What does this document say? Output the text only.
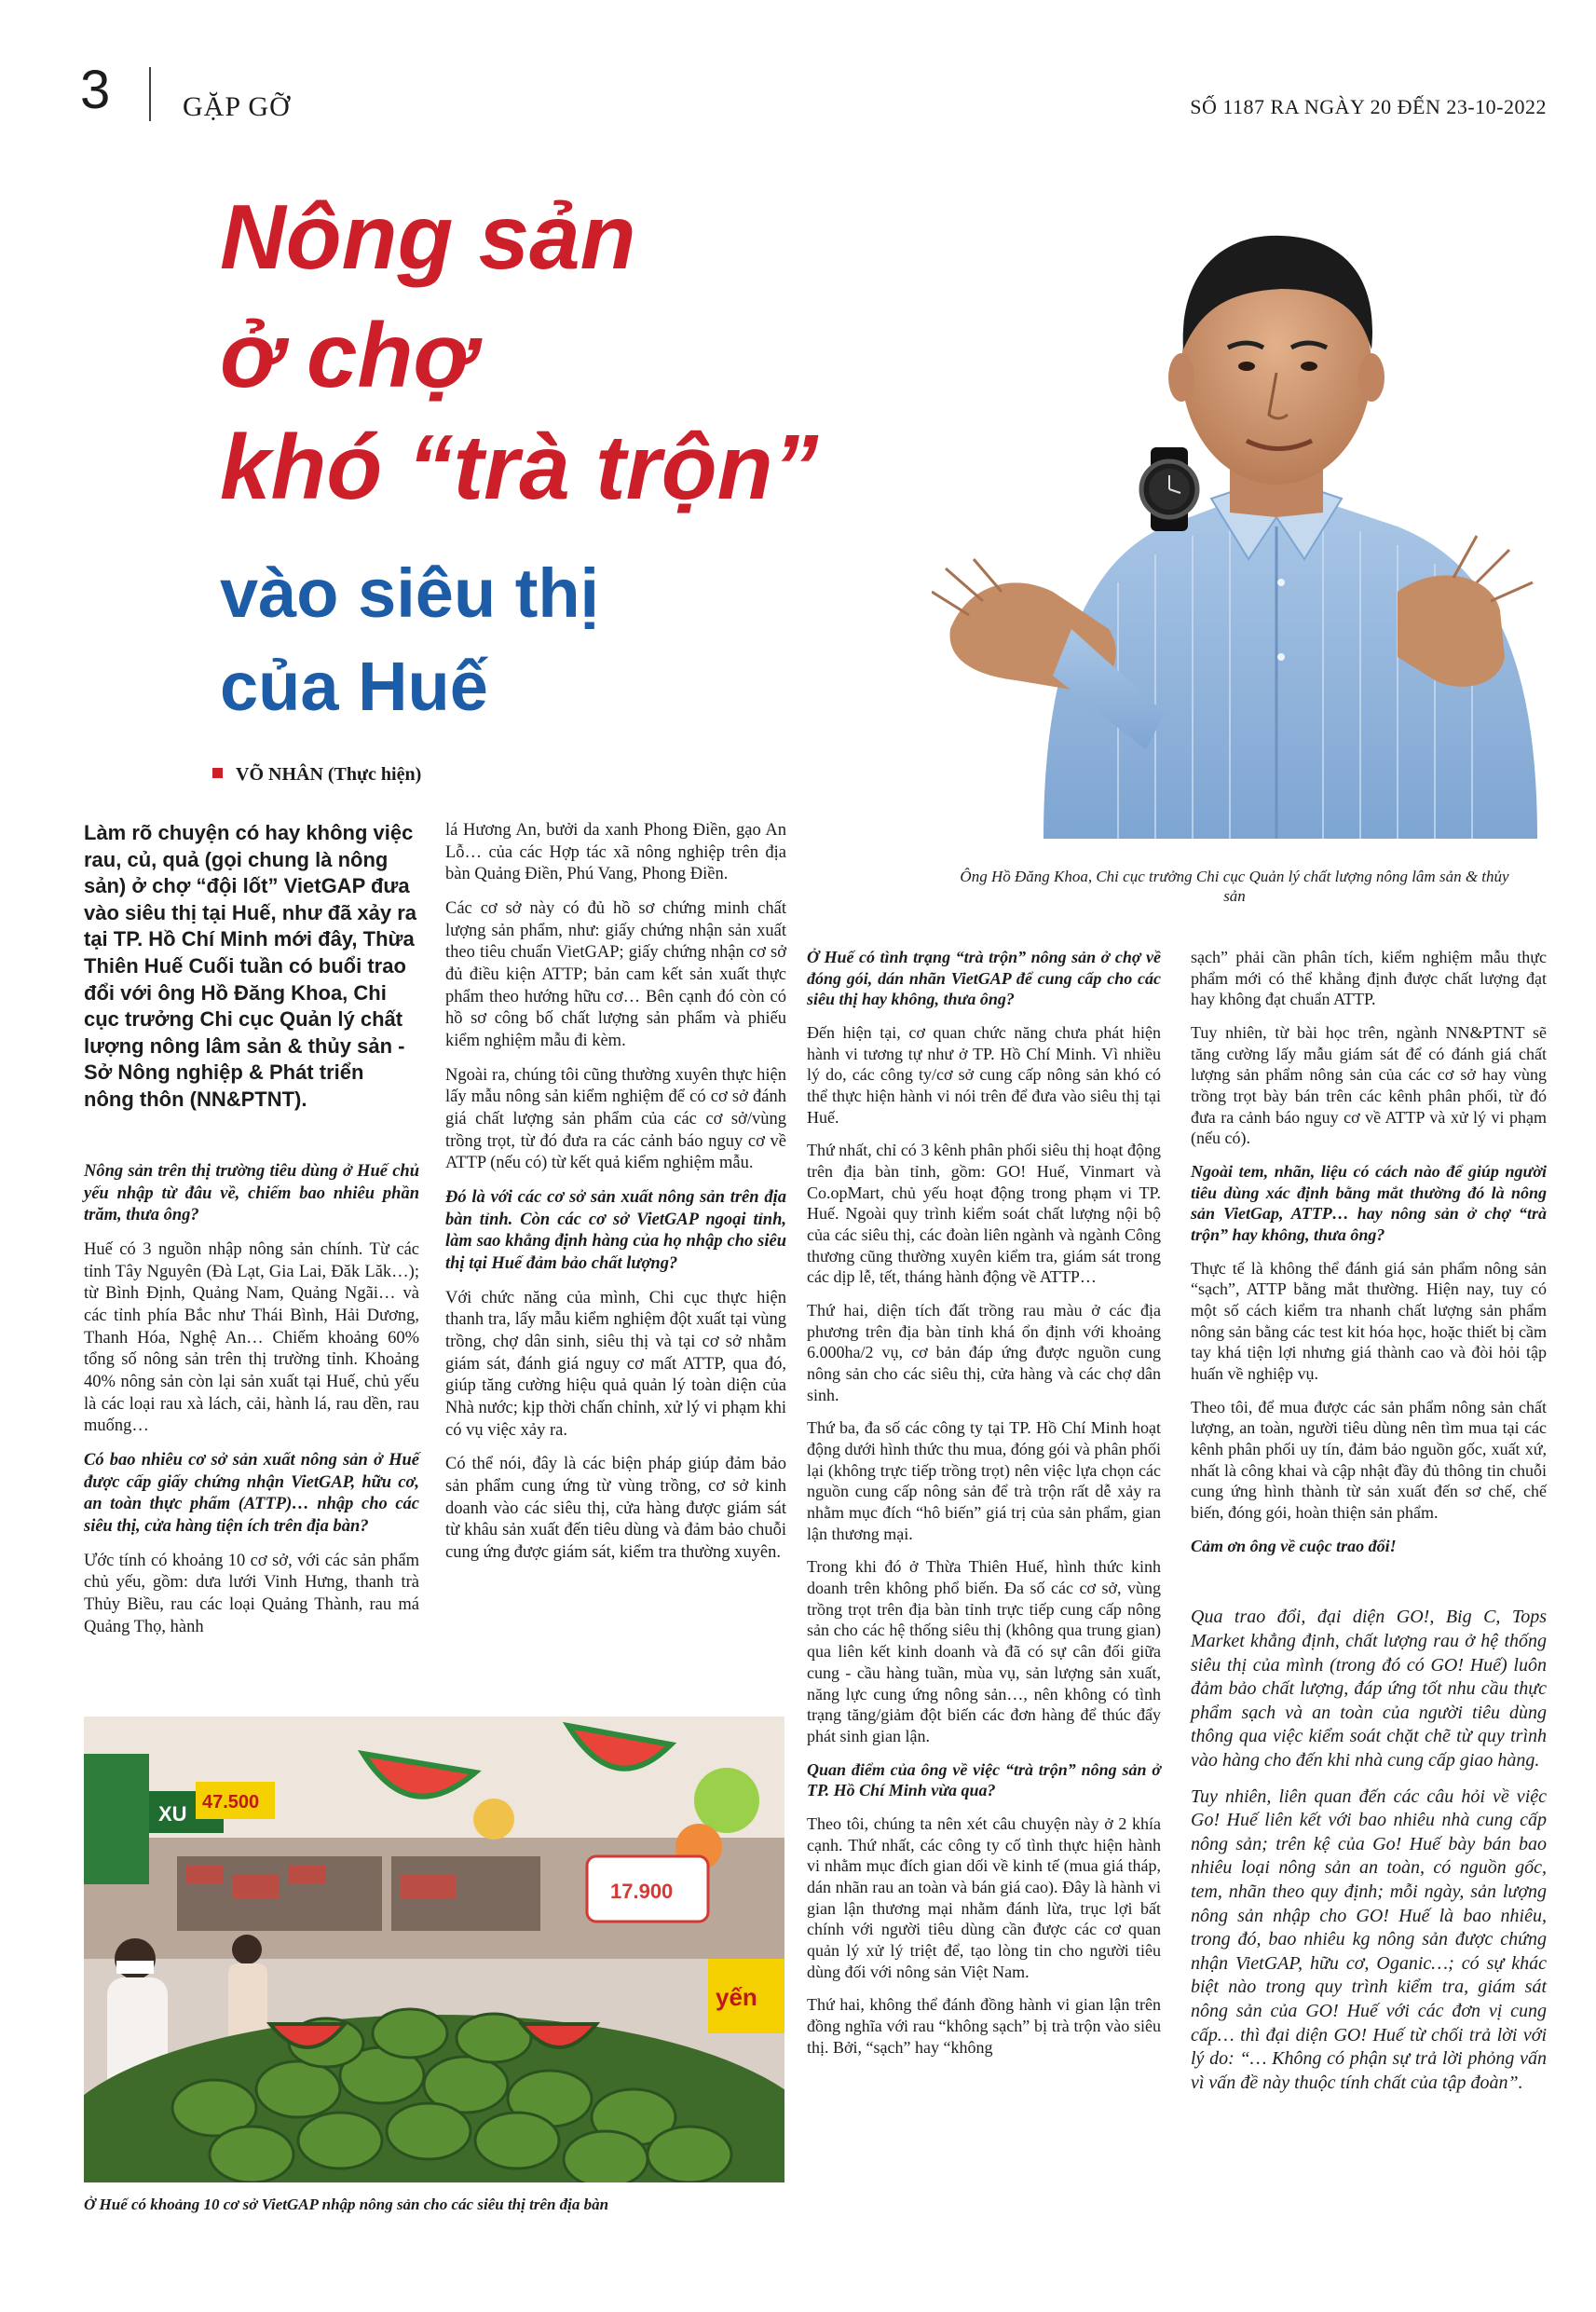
3	GẶP GỠ	SỐ 1187 RA NGÀY 20 ĐẾN 23-10-2022
Nông sản
ở chợ
khó “trà trộn”
vào siêu thị
của Huế
VÕ NHÂN (Thực hiện)
Ông Hồ Đăng Khoa, Chi cục trưởng Chi cục Quản lý chất lượng nông lâm sản & thủy sản
Làm rõ chuyện có hay không việc rau, củ, quả (gọi chung là nông sản) ở chợ “đội lốt” VietGAP đưa vào siêu thị tại Huế, như đã xảy ra tại TP. Hồ Chí Minh mới đây, Thừa Thiên Huế Cuối tuần có buổi trao đổi với ông Hồ Đăng Khoa, Chi cục trưởng Chi cục Quản lý chất lượng nông lâm sản & thủy sản - Sở Nông nghiệp & Phát triển nông thôn (NN&PTNT).

Nông sản trên thị trường tiêu dùng ở Huế chủ yếu nhập từ đâu về, chiếm bao nhiêu phần trăm, thưa ông?

Huế có 3 nguồn nhập nông sản chính. Từ các tỉnh Tây Nguyên (Đà Lạt, Gia Lai, Đăk Lăk…); từ Bình Định, Quảng Nam, Quảng Ngãi… và các tỉnh phía Bắc như Thái Bình, Hải Dương, Thanh Hóa, Nghệ An… Chiếm khoảng 60% tổng số nông sản trên thị trường tỉnh. Khoảng 40% nông sản còn lại sản xuất tại Huế, chủ yếu là các loại rau xà lách, cải, hành lá, rau dền, rau muống…

Có bao nhiêu cơ sở sản xuất nông sản ở Huế được cấp giấy chứng nhận VietGAP, hữu cơ, an toàn thực phẩm (ATTP)… nhập cho các siêu thị, cửa hàng tiện ích trên địa bàn?

Ước tính có khoảng 10 cơ sở, với các sản phẩm chủ yếu, gồm: dưa lưới Vinh Hưng, thanh trà Thủy Biều, rau các loại Quảng Thành, rau má Quảng Thọ, hành

lá Hương An, bưởi da xanh Phong Điền, gạo An Lỗ… của các Hợp tác xã nông nghiệp trên địa bàn Quảng Điền, Phú Vang, Phong Điền.

Các cơ sở này có đủ hồ sơ chứng minh chất lượng sản phẩm, như: giấy chứng nhận sản xuất theo tiêu chuẩn VietGAP; giấy chứng nhận cơ sở đủ điều kiện ATTP; bản cam kết sản xuất thực phẩm theo hướng hữu cơ… Bên cạnh đó còn có hồ sơ công bố chất lượng sản phẩm và phiếu kiểm nghiệm mẫu đi kèm.

Ngoài ra, chúng tôi cũng thường xuyên thực hiện lấy mẫu nông sản kiểm nghiệm để có cơ sở đánh giá chất lượng sản phẩm của các cơ sở/vùng trồng trọt, từ đó đưa ra các cảnh báo nguy cơ về ATTP (nếu có) từ kết quả kiểm nghiệm mẫu.

Đó là với các cơ sở sản xuất nông sản trên địa bàn tỉnh. Còn các cơ sở VietGAP ngoại tỉnh, làm sao khẳng định hàng của họ nhập cho siêu thị tại Huế đảm bảo chất lượng?

Với chức năng của mình, Chi cục thực hiện thanh tra, lấy mẫu kiểm nghiệm đột xuất tại vùng trồng, chợ dân sinh, siêu thị và tại cơ sở nhằm giám sát, đánh giá nguy cơ mất ATTP, qua đó, giúp tăng cường hiệu quả quản lý toàn diện của Nhà nước; kịp thời chấn chỉnh, xử lý vi phạm khi có vụ việc xảy ra.

Có thể nói, đây là các biện pháp giúp đảm bảo sản phẩm cung ứng từ vùng trồng, cơ sở kinh doanh vào các siêu thị, cửa hàng được giám sát từ khâu sản xuất đến tiêu dùng và đảm bảo chuỗi cung ứng được giám sát, kiểm tra thường xuyên.

Ở Huế có tình trạng “trà trộn” nông sản ở chợ về đóng gói, dán nhãn VietGAP để cung cấp cho các siêu thị hay không, thưa ông?

Đến hiện tại, cơ quan chức năng chưa phát hiện hành vi tương tự như ở TP. Hồ Chí Minh. Vì nhiều lý do, các công ty/cơ sở cung cấp nông sản khó có thể thực hiện hành vi nói trên để đưa vào siêu thị tại Huế.

Thứ nhất, chỉ có 3 kênh phân phối siêu thị hoạt động trên địa bàn tỉnh, gồm: GO! Huế, Vinmart và Co.opMart, chủ yếu hoạt động trong phạm vi TP. Huế. Ngoài quy trình kiểm soát chất lượng nội bộ của các siêu thị, các đoàn liên ngành và ngành Công thương cũng thường xuyên kiểm tra, giám sát trong các dịp lễ, tết, tháng hành động về ATTP…

Thứ hai, diện tích đất trồng rau màu ở các địa phương trên địa bàn tỉnh khá ổn định với khoảng 6.000ha/2 vụ, cơ bản đáp ứng được nguồn cung nông sản cho các siêu thị, cửa hàng và các chợ dân sinh.

Thứ ba, đa số các công ty tại TP. Hồ Chí Minh hoạt động dưới hình thức thu mua, đóng gói và phân phối lại (không trực tiếp trồng trọt) nên việc lựa chọn các nguồn cung cấp nông sản để trà trộn rất dễ xảy ra nhằm mục đích “hô biến” giá trị của sản phẩm, gian lận thương mại.

Trong khi đó ở Thừa Thiên Huế, hình thức kinh doanh trên không phổ biến. Đa số các cơ sở, vùng trồng trọt trên địa bàn tỉnh trực tiếp cung cấp nông sản cho các hệ thống siêu thị (không qua trung gian) qua liên kết kinh doanh và đã có sự cân đối giữa cung - cầu hàng tuần, mùa vụ, sản lượng sản xuất, năng lực cung ứng nông sản…, nên không có tình trạng tăng/giảm đột biến các đơn hàng để thúc đẩy phát sinh gian lận.

Quan điểm của ông về việc “trà trộn” nông sản ở TP. Hồ Chí Minh vừa qua?

Theo tôi, chúng ta nên xét câu chuyện này ở 2 khía cạnh. Thứ nhất, các công ty cố tình thực hiện hành vi nhằm mục đích gian dối về kinh tế (mua giá tháp, dán nhãn rau an toàn và bán giá cao). Đây là hành vi gian lận thương mại nhằm đánh lừa, trục lợi bất chính với người tiêu dùng cần được các cơ quan quản lý xử lý triệt để, tạo lòng tin cho người tiêu dùng đối với nông sản Việt Nam.

Thứ hai, không thể đánh đồng hành vi gian lận trên đồng nghĩa với rau “không sạch” bị trà trộn vào siêu thị. Bởi, “sạch” hay “không

sạch” phải cần phân tích, kiểm nghiệm mẫu thực phẩm mới có thể khẳng định được chất lượng đạt hay không đạt chuẩn ATTP.

Tuy nhiên, từ bài học trên, ngành NN&PTNT sẽ tăng cường lấy mẫu giám sát để có đánh giá chất lượng sản phẩm nông sản của các cơ sở hay vùng trồng trọt bày bán trên các kênh phân phối, từ đó đưa ra cảnh báo nguy cơ về ATTP và xử lý vi phạm (nếu có).

Ngoài tem, nhãn, liệu có cách nào để giúp người tiêu dùng xác định bằng mắt thường đó là nông sản VietGap, ATTP… hay nông sản ở chợ “trà trộn” hay không, thưa ông?

Thực tế là không thể đánh giá sản phẩm nông sản “sạch”, ATTP bằng mắt thường. Hiện nay, tuy có một số cách kiểm tra nhanh chất lượng sản phẩm nông sản bằng các test kit hóa học, hoặc thiết bị cầm tay khá tiện lợi nhưng giá thành cao và đòi hỏi tập huấn về nghiệp vụ.

Theo tôi, để mua được các sản phẩm nông sản chất lượng, an toàn, người tiêu dùng nên tìm mua tại các kênh phân phối uy tín, đảm bảo nguồn gốc, xuất xứ, nhất là công khai và cập nhật đầy đủ thông tin chuỗi cung ứng hình thành từ sản xuất đến sơ chế, chế biến, đóng gói, hoàn thiện sản phẩm.

Cảm ơn ông về cuộc trao đổi!

Qua trao đổi, đại diện GO!, Big C, Tops Market khẳng định, chất lượng rau ở hệ thống siêu thị của mình (trong đó có GO! Huế) luôn đảm bảo chất lượng, đáp ứng tốt nhu cầu thực phẩm sạch và an toàn của người tiêu dùng thông qua việc kiểm soát chặt chẽ từ quy trình vào hàng cho đến khi nhà cung cấp giao hàng.

Tuy nhiên, liên quan đến các câu hỏi về việc Go! Huế liên kết với bao nhiêu nhà cung cấp nông sản; trên kệ của Go! Huế bày bán bao nhiêu loại nông sản an toàn, có nguồn gốc, tem, nhãn theo quy định; mỗi ngày, sản lượng nông sản nhập cho GO! Huế là bao nhiêu, trong đó, bao nhiêu kg nông sản được chứng nhận VietGAP, hữu cơ, Oganic…; có sự khác biệt nào trong quy trình kiểm tra, giám sát nông sản của GO! Huế với các đơn vị cung cấp… thì đại diện GO! Huế từ chối trả lời với lý do: “… Không có phận sự trả lời phỏng vấn vì vấn đề này thuộc tính chất của tập đoàn”.

XU 47.500
17.900
yến
Ở Huế có khoảng 10 cơ sở VietGAP nhập nông sản cho các siêu thị trên địa bàn
